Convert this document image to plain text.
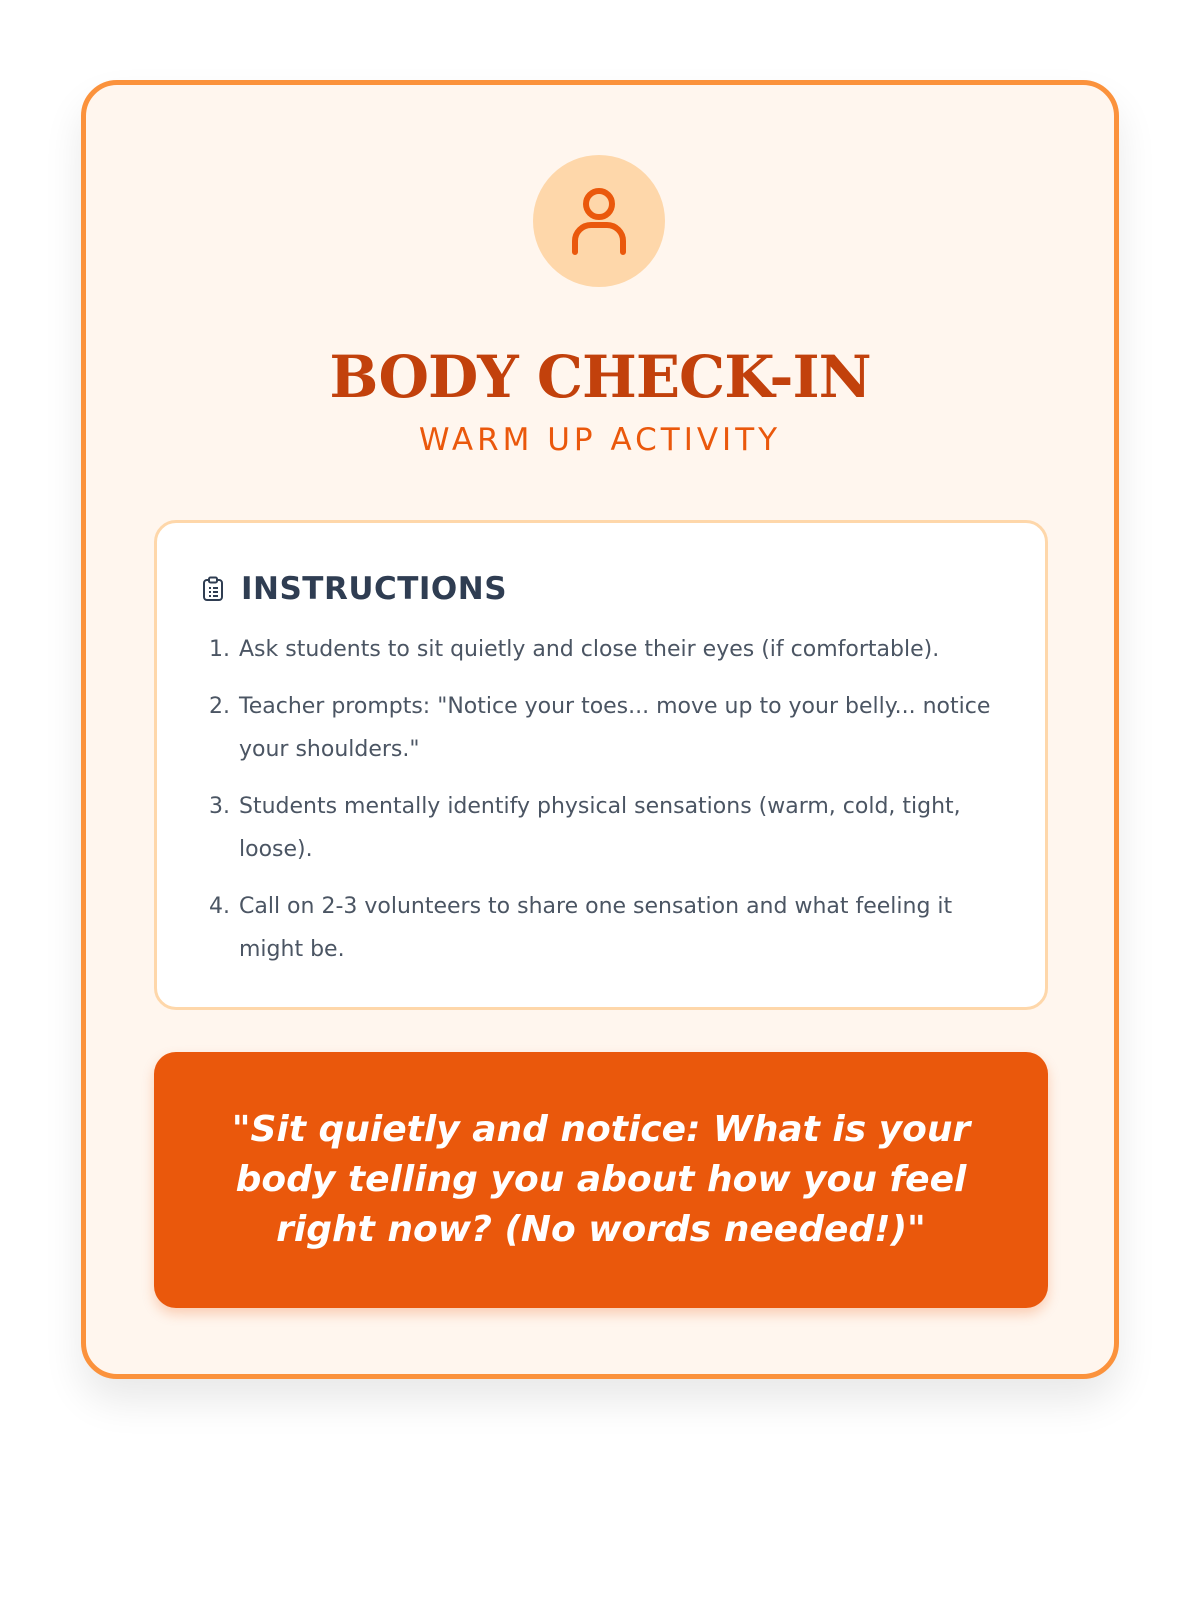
BODY CHECK-IN
WARM UP ACTIVITY
INSTRUCTIONS
1. Ask students to sit quietly and close their eyes (if comfortable).
2. Teacher prompts: "Notice your toes... move up to your belly... notice your shoulders."
3. Students mentally identify physical sensations (warm, cold, tight, loose).
4. Call on 2-3 volunteers to share one sensation and what feeling it might be.

"Sit quietly and notice: What is your body telling you about how you feel right now? (No words needed!)"
